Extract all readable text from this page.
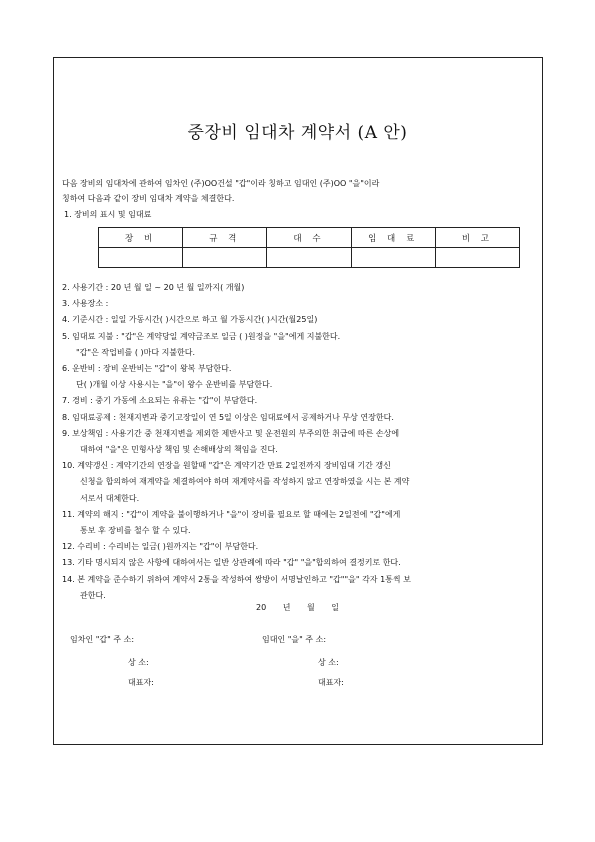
중장비 임대차 계약서 (A 안)
다음 장비의 임대차에 관하여 임차인 (주)OO건설 "갑"이라 칭하고 임대인 (주)OO "을"이라
칭하여 다음과 같이 장비 임대차 계약을 체결한다.
1. 장비의 표시 및 임대료
장 비	규 격	대 수	임 대 료	비 고

2. 사용기간 : 20 년 월 일 ~ 20 년 월 일까지( 개월)
3. 사용장소 :
4. 기준시간 : 일일 가동시간( )시간으로 하고 월 가동시간( )시간(월25일)
5. 임대료 지불 : "갑"은 계약당일 계약금조로 일금 ( )원정을 "을"에게 지불한다.
"갑"은 작업비를 ( )마다 지불한다.
6. 운반비 : 장비 운반비는 "갑"이 왕복 부담한다.
단( )개월 이상 사용시는 "을"이 왕수 운반비를 부담한다.
7. 경비 : 중기 가동에 소요되는 유류는 "갑"이 부담한다.
8. 임대료공제 : 천재지변과 중기고장일이 연 5일 이상은 임대료에서 공제하거나 무상 연장한다.
9. 보상책임 : 사용기간 중 천재지변을 제외한 제반사고 및 운전원의 부주의한 취급에 따른 손상에
대하여 "을"은 민형사상 책임 및 손해배상의 책임을 진다.
10. 계약갱신 : 계약기간의 연장을 원할때 "갑"은 계약기간 만료 2일전까지 장비임대 기간 갱신
신청을 합의하여 재계약을 체결하여야 하며 재계약서를 작성하지 않고 연장하였을 시는 본 계약
서로서 대체한다.
11. 계약의 해지 : "갑"이 계약을 불이행하거나 "을"이 장비를 필요로 할 때에는 2일전에 "갑"에게
통보 후 장비를 철수 할 수 있다.
12. 수리비 : 수리비는 일금( )원까지는 "갑"이 부담한다.
13. 기타 명시되지 않은 사항에 대하여서는 일반 상관례에 따라 "갑" "을"합의하여 결정키로 한다.
14. 본 계약을 준수하기 위하여 계약서 2통을 작성하여 쌍방이 서명날인하고 "갑""을" 각자 1통씩 보
관한다.
20 년 월 일
임차인 "갑" 주 소:	임대인 "을" 주 소:
상 소:	상 소:
대표자:	대표자:
